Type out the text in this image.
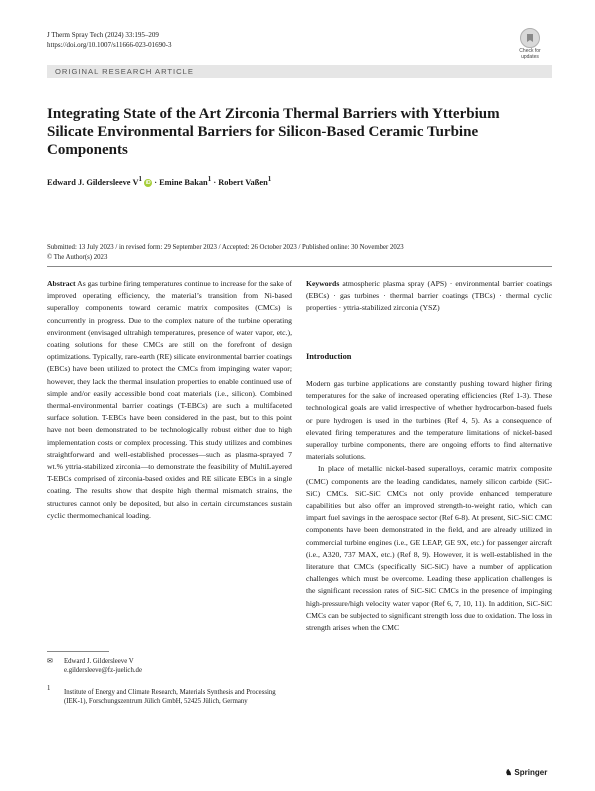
J Therm Spray Tech (2024) 33:195–209
https://doi.org/10.1007/s11666-023-01690-3
Check for updates
ORIGINAL RESEARCH ARTICLE
Integrating State of the Art Zirconia Thermal Barriers with Ytterbium Silicate Environmental Barriers for Silicon-Based Ceramic Turbine Components
Edward J. Gildersleeve $V^1$ iD · Emine Bakan$^1$ · Robert Vaßen$^1$
Submitted: 13 July 2023 / in revised form: 29 September 2023 / Accepted: 26 October 2023 / Published online: 30 November 2023
© The Author(s) 2023
Abstract As gas turbine firing temperatures continue to increase for the sake of improved operating efficiency, the material’s transition from Ni-based superalloy components toward ceramic matrix composites (CMCs) is concurrently in progress. Due to the complex nature of the turbine operating environment (envisaged ultrahigh temperatures, presence of water vapor, etc.), coating solutions for these CMCs are still on the forefront of design optimizations. Typically, rare-earth (RE) silicate environmental barrier coatings (EBCs) have been utilized to protect the CMCs from impinging water vapor; however, they lack the thermal insulation properties to enable continued use of simple and/or easily accessible bond coat materials (i.e., silicon). Combined thermal-environmental barrier coatings (T-EBCs) are such a multifaceted surface solution. T-EBCs have been considered in the past, but to this point have not been demonstrated to be technologically robust either due to high implementation costs or complex processing. This study utilizes and combines straightforward and well-established processes—such as plasma-sprayed 7 wt.% yttria-stabilized zirconia—to demonstrate the feasibility of MultiLayered T-EBCs comprised of zirconia-based oxides and RE silicate EBCs in a single coating. The results show that despite high thermal mismatch strains, the structures cannot only be deposited, but also in certain circumstances sustain cyclic thermomechanical loading.
Keywords atmospheric plasma spray (APS) · environmental barrier coatings (EBCs) · gas turbines · thermal barrier coatings (TBCs) · thermal cyclic properties · yttria-stabilized zirconia (YSZ)
Introduction

Modern gas turbine applications are constantly pushing toward higher firing temperatures for the sake of increased operating efficiencies (Ref 1-3). These technological goals are valid irrespective of whether hydrocarbon-based fuels or pure hydrogen is used in the turbines (Ref 4, 5). As a consequence of elevated firing temperatures and the temperature limitations of nickel-based superalloy turbine components, there are ongoing efforts to find alternative materials solutions.

In place of metallic nickel-based superalloys, ceramic matrix composite (CMC) components are the leading candidates, namely silicon carbide (SiC-SiC) CMCs. SiC-SiC CMCs not only provide enhanced temperature capabilities but also offer an improved strength-to-weight ratio, which can impart fuel savings in the aerospace sector (Ref 6-8). At present, SiC-SiC CMC components have been demonstrated in the field, and are already utilized in commercial turbine engines (i.e., GE LEAP, GE 9X, etc.) for passenger aircraft (i.e., A320, 737 MAX, etc.) (Ref 8, 9). However, it is well-established in the literature that CMCs (specifically SiC-SiC) have a number of application challenges which must be overcome. Leading these application challenges is the significant recession rates of SiC-SiC CMCs in the presence of impinging high-pressure/high velocity water vapor (Ref 6, 7, 10, 11). In addition, SiC-SiC CMCs can be subjected to significant strength loss due to oxidation. The loss in strength arises when the CMC

✉	Edward J. Gildersleeve V
e.gildersleeve@fz-juelich.de
1
Institute of Energy and Climate Research, Materials Synthesis and Processing (IEK-1), Forschungszentrum Jülich GmbH, 52425 Jülich, Germany
♞ Springer
